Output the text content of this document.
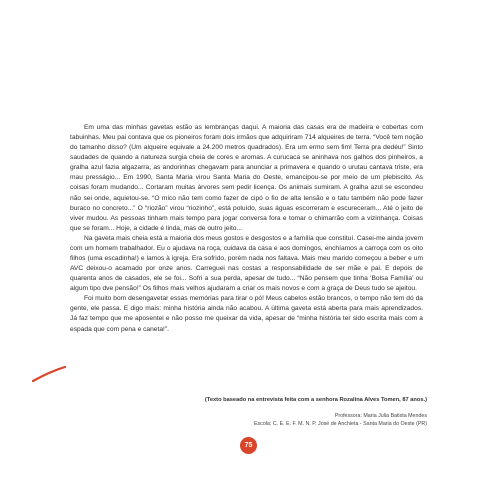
Em uma das minhas gavetas estão as lembranças daqui. A maioria das casas era de madeira e cobertas com tabuinhas. Meu pai contava que os pioneiros foram dois irmãos que adquiriram 714 alqueires de terra. “Você tem noção do tamanho disso? (Um alqueire equivale a 24.200 metros quadrados). Era um ermo sem fim! Terra pra dedéu!” Sinto saudades de quando a natureza surgia cheia de cores e aromas. A curucaca se aninhava nos galhos dos pinheiros, a gralha azul fazia algazarra, as andorinhas chegavam para anunciar a primavera e quando o urutau cantava triste, era mau presságio... Em 1990, Santa Maria virou Santa Maria do Oeste, emancipou-se por meio de um plebiscito. As coisas foram mudando... Cortaram muitas árvores sem pedir licença. Os animais sumiram. A gralha azul se escondeu não sei onde, aquietou-se. “O mico não tem como fazer de cipó o fio de alta tensão e o tatu também não pode fazer buraco no concreto...” O “riozão” virou “riozinho”, está poluído, suas águas escorreram e escureceram... Até o jeito de viver mudou. As pessoas tinham mais tempo para jogar conversa fora e tomar o chimarrão com a vizinhança. Coisas que se foram... Hoje, a cidade é linda, mas de outro jeito...

Na gaveta mais cheia está a maioria dos meus gostos e desgostos e a família que constituí. Casei-me ainda jovem com um homem trabalhador. Eu o ajudava na roça, cuidava da casa e aos domingos, enchíamos a carroça com os oito filhos (uma escadinha!) e lamos à igreja. Era sofrido, porém nada nos faltava. Mais meu marido começou a beber e um AVC deixou-o acamado por onze anos. Carreguei nas costas a responsabilidade de ser mãe e pai. E depois de quarenta anos de casados, ele se foi... Sofri a sua perda, apesar de tudo... “Não pensem que tinha ‘Bolsa Família’ ou algum tipo dve pensão!” Os filhos mais velhos ajudaram a criar os mais novos e com a graça de Deus tudo se ajeitou.

Foi muito bom desengavetar essas memórias para tirar o pó! Meus cabelos estão brancos, o tempo não tem dó da gente, ele passa. E digo mais: minha história ainda não acabou. A última gaveta está aberta para mais aprendizados. Já faz tempo que me aposentei e não posso me queixar da vida, apesar de “minha história ter sido escrita mais com a espada que com pena e caneta!”.

(Texto baseado na entrevista feita com a senhora Rozalina Alves Tomen, 87 anos.)
Professora: Maria Julia Batista Mendes
Escola: C. E. E. F. M. N. P. José de Anchieta - Santa Maria do Oeste (PR)
75
